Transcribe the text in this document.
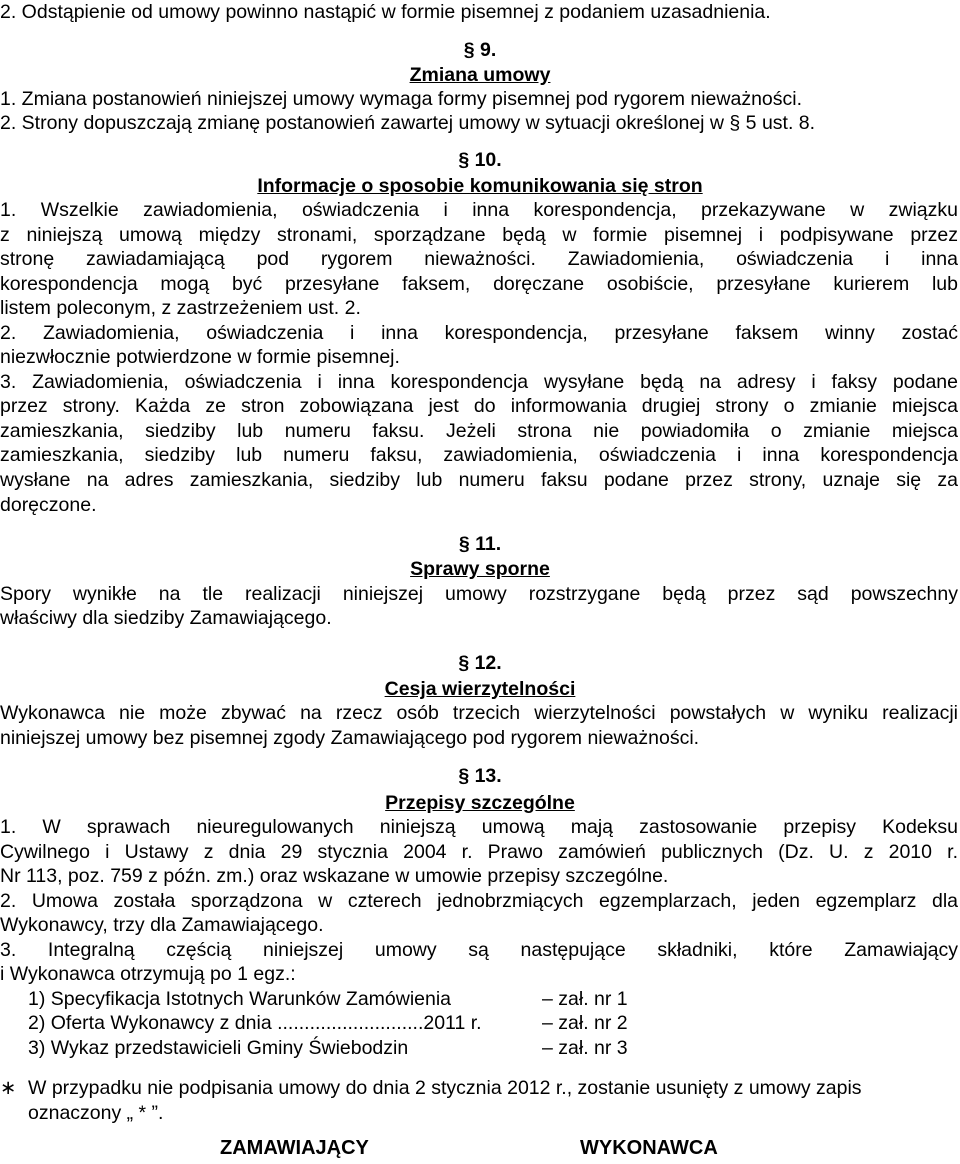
2. Odstąpienie od umowy powinno nastąpić w formie pisemnej z podaniem uzasadnienia.
§ 9.
Zmiana umowy
1. Zmiana postanowień niniejszej umowy wymaga formy pisemnej pod rygorem nieważności.
2. Strony dopuszczają zmianę postanowień zawartej umowy w sytuacji określonej w § 5 ust. 8.
§ 10.
Informacje o sposobie komunikowania się stron
1. Wszelkie zawiadomienia, oświadczenia i inna korespondencja, przekazywane w związku
z niniejszą umową między stronami, sporządzane będą w formie pisemnej i podpisywane przez
stronę zawiadamiającą pod rygorem nieważności. Zawiadomienia, oświadczenia i inna
korespondencja mogą być przesyłane faksem, doręczane osobiście, przesyłane kurierem lub
listem poleconym, z zastrzeżeniem ust. 2.
2. Zawiadomienia, oświadczenia i inna korespondencja, przesyłane faksem winny zostać
niezwłocznie potwierdzone w formie pisemnej.
3. Zawiadomienia, oświadczenia i inna korespondencja wysyłane będą na adresy i faksy podane
przez strony. Każda ze stron zobowiązana jest do informowania drugiej strony o zmianie miejsca
zamieszkania, siedziby lub numeru faksu. Jeżeli strona nie powiadomiła o zmianie miejsca
zamieszkania, siedziby lub numeru faksu, zawiadomienia, oświadczenia i inna korespondencja
wysłane na adres zamieszkania, siedziby lub numeru faksu podane przez strony, uznaje się za
doręczone.
§ 11.
Sprawy sporne
Spory wynikłe na tle realizacji niniejszej umowy rozstrzygane będą przez sąd powszechny
właściwy dla siedziby Zamawiającego.
§ 12.
Cesja wierzytelności
Wykonawca nie może zbywać na rzecz osób trzecich wierzytelności powstałych w wyniku realizacji
niniejszej umowy bez pisemnej zgody Zamawiającego pod rygorem nieważności.
§ 13.
Przepisy szczególne
1. W sprawach nieuregulowanych niniejszą umową mają zastosowanie przepisy Kodeksu
Cywilnego i Ustawy z dnia 29 stycznia 2004 r. Prawo zamówień publicznych (Dz. U. z 2010 r.
Nr 113, poz. 759 z późn. zm.) oraz wskazane w umowie przepisy szczególne.
2. Umowa została sporządzona w czterech jednobrzmiących egzemplarzach, jeden egzemplarz dla
Wykonawcy, trzy dla Zamawiającego.
3. Integralną częścią niniejszej umowy są następujące składniki, które Zamawiający
i Wykonawca otrzymują po 1 egz.:
1) Specyfikacja Istotnych Warunków Zamówienia	– zał. nr 1
2) Oferta Wykonawcy z dnia ...........................2011 r.	– zał. nr 2
3) Wykaz przedstawicieli Gminy Świebodzin	– zał. nr 3
∗ W przypadku nie podpisania umowy do dnia 2 stycznia 2012 r., zostanie usunięty z umowy zapis
oznaczony „ * ”.
ZAMAWIAJĄCY	WYKONAWCA
